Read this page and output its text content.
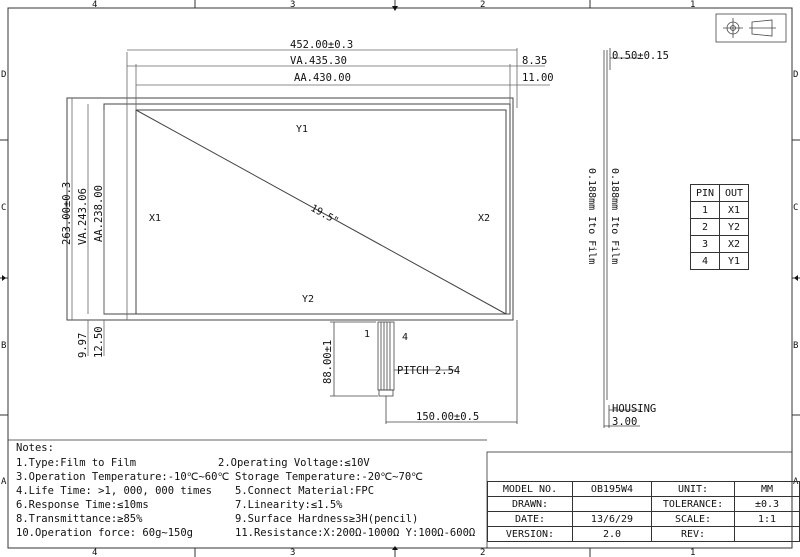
4	3	2	1
4	3	2	1
D
C
B
A
D
C
B
A
Y1
Y2
X1	X2
19.5"
452.00±0.3
VA.435.30
AA.430.00
8.35
11.00
263.00±0.3 VA.243.06 AA.238.00
9.97 12.50	88.00±1	PITCH 2.54
150.00±0.5
1	4
0.50±0.15
0.188mm Ito Film 0.188mm Ito Film
HOUSING
3.00
PIN	OUT
1	X1
2	Y2
3	X2
4	Y1
Notes:
1.Type:Film to Film
3.Operation Temperature:-10℃~60℃
4.Life Time: >1, 000, 000 times
6.Response Time:≤10ms
8.Transmittance:≥85%
10.Operation force: 60g~150g
2.Operating Voltage:≤10V
Storage Temperature:-20℃~70℃
5.Connect Material:FPC
7.Linearity:≤1.5%
9.Surface Hardness≥3H(pencil)
11.Resistance:X:200Ω-1000Ω Y:100Ω-600Ω
MODEL NO.	OB195W4	UNIT:	MM
DRAWN:		TOLERANCE:	±0.3
DATE:	13/6/29	SCALE:	1:1
VERSION:	2.0	REV:	
